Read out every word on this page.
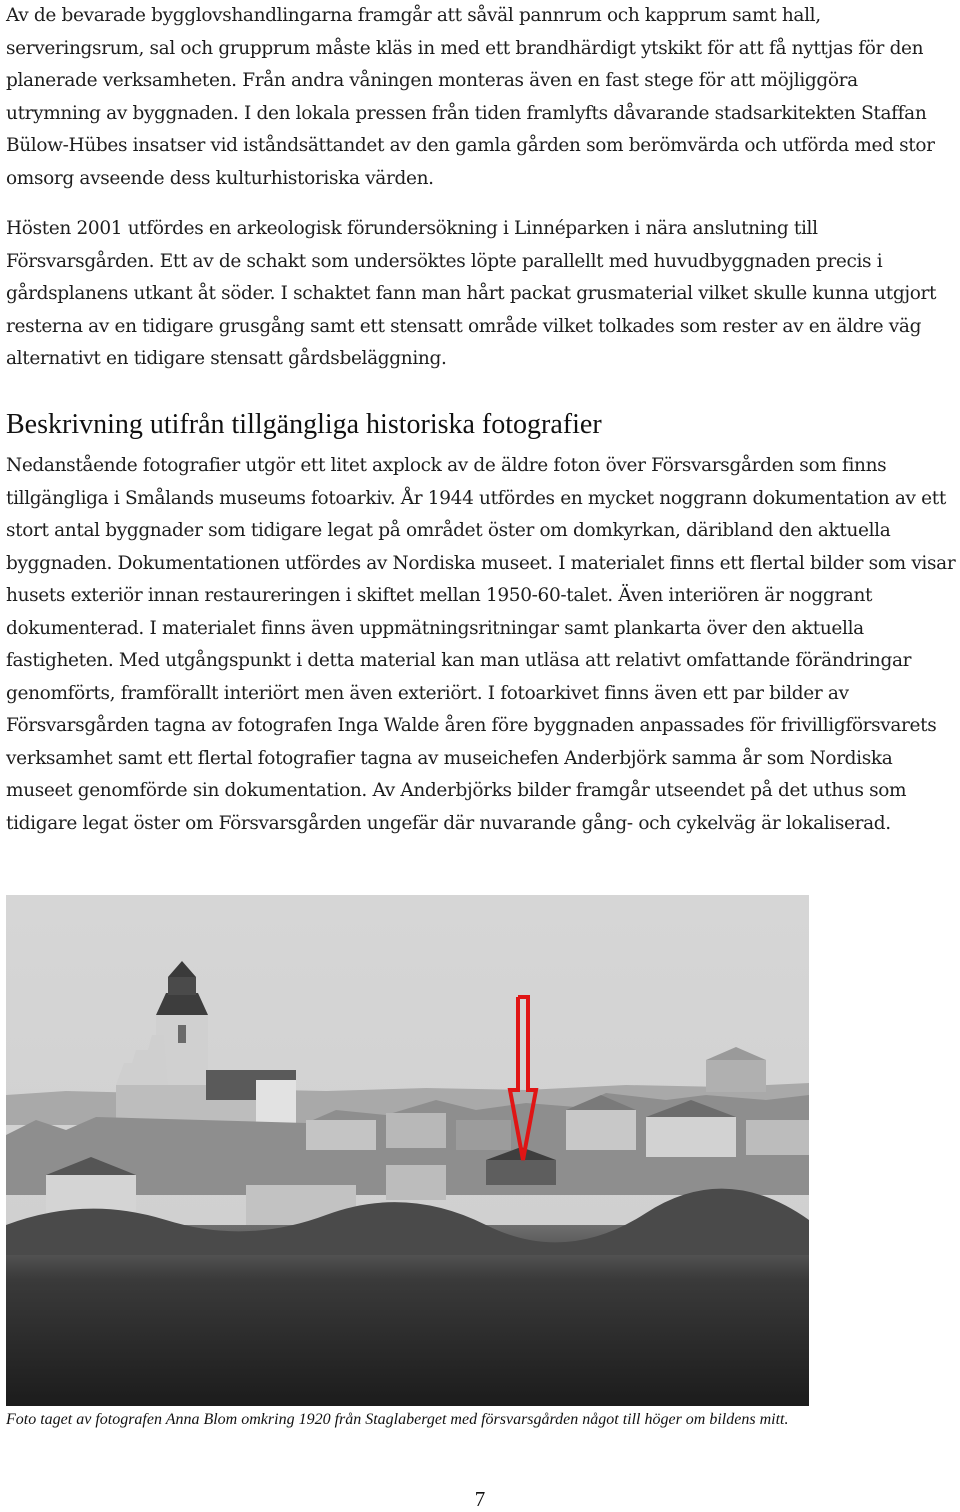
Av de bevarade bygglovshandlingarna framgår att såväl pannrum och kapprum samt hall, serveringsrum, sal och grupprum måste kläs in med ett brandhärdigt ytskikt för att få nyttjas för den planerade verksamheten. Från andra våningen monteras även en fast stege för att möjliggöra utrymning av byggnaden. I den lokala pressen från tiden framlyfts dåvarande stadsarkitekten Staffan Bülow-Hübes insatser vid iståndsättandet av den gamla gården som berömvärda och utförda med stor omsorg avseende dess kulturhistoriska värden.

Hösten 2001 utfördes en arkeologisk förundersökning i Linnéparken i nära anslutning till Försvarsgården. Ett av de schakt som undersöktes löpte parallellt med huvudbyggnaden precis i gårdsplanens utkant åt söder. I schaktet fann man hårt packat grusmaterial vilket skulle kunna utgjort resterna av en tidigare grusgång samt ett stensatt område vilket tolkades som rester av en äldre väg alternativt en tidigare stensatt gårdsbeläggning.

Beskrivning utifrån tillgängliga historiska fotografier

Nedanstående fotografier utgör ett litet axplock av de äldre foton över Försvarsgården som finns tillgängliga i Smålands museums fotoarkiv. År 1944 utfördes en mycket noggrann dokumentation av ett stort antal byggnader som tidigare legat på området öster om domkyrkan, däribland den aktuella byggnaden. Dokumentationen utfördes av Nordiska museet. I materialet finns ett flertal bilder som visar husets exteriör innan restaureringen i skiftet mellan 1950-60-talet. Även interiören är noggrant dokumenterad. I materialet finns även uppmätningsritningar samt plankarta över den aktuella fastigheten. Med utgångspunkt i detta material kan man utläsa att relativt omfattande förändringar genomförts, framförallt interiört men även exteriört. I fotoarkivet finns även ett par bilder av Försvarsgården tagna av fotografen Inga Walde åren före byggnaden anpassades för frivilligförsvarets verksamhet samt ett flertal fotografier tagna av museichefen Anderbjörk samma år som Nordiska museet genomförde sin dokumentation. Av Anderbjörks bilder framgår utseendet på det uthus som tidigare legat öster om Försvarsgården ungefär där nuvarande gång- och cykelväg är lokaliserad.

Foto taget av fotografen Anna Blom omkring 1920 från Staglaberget med försvarsgården något till höger om bildens mitt.

7
